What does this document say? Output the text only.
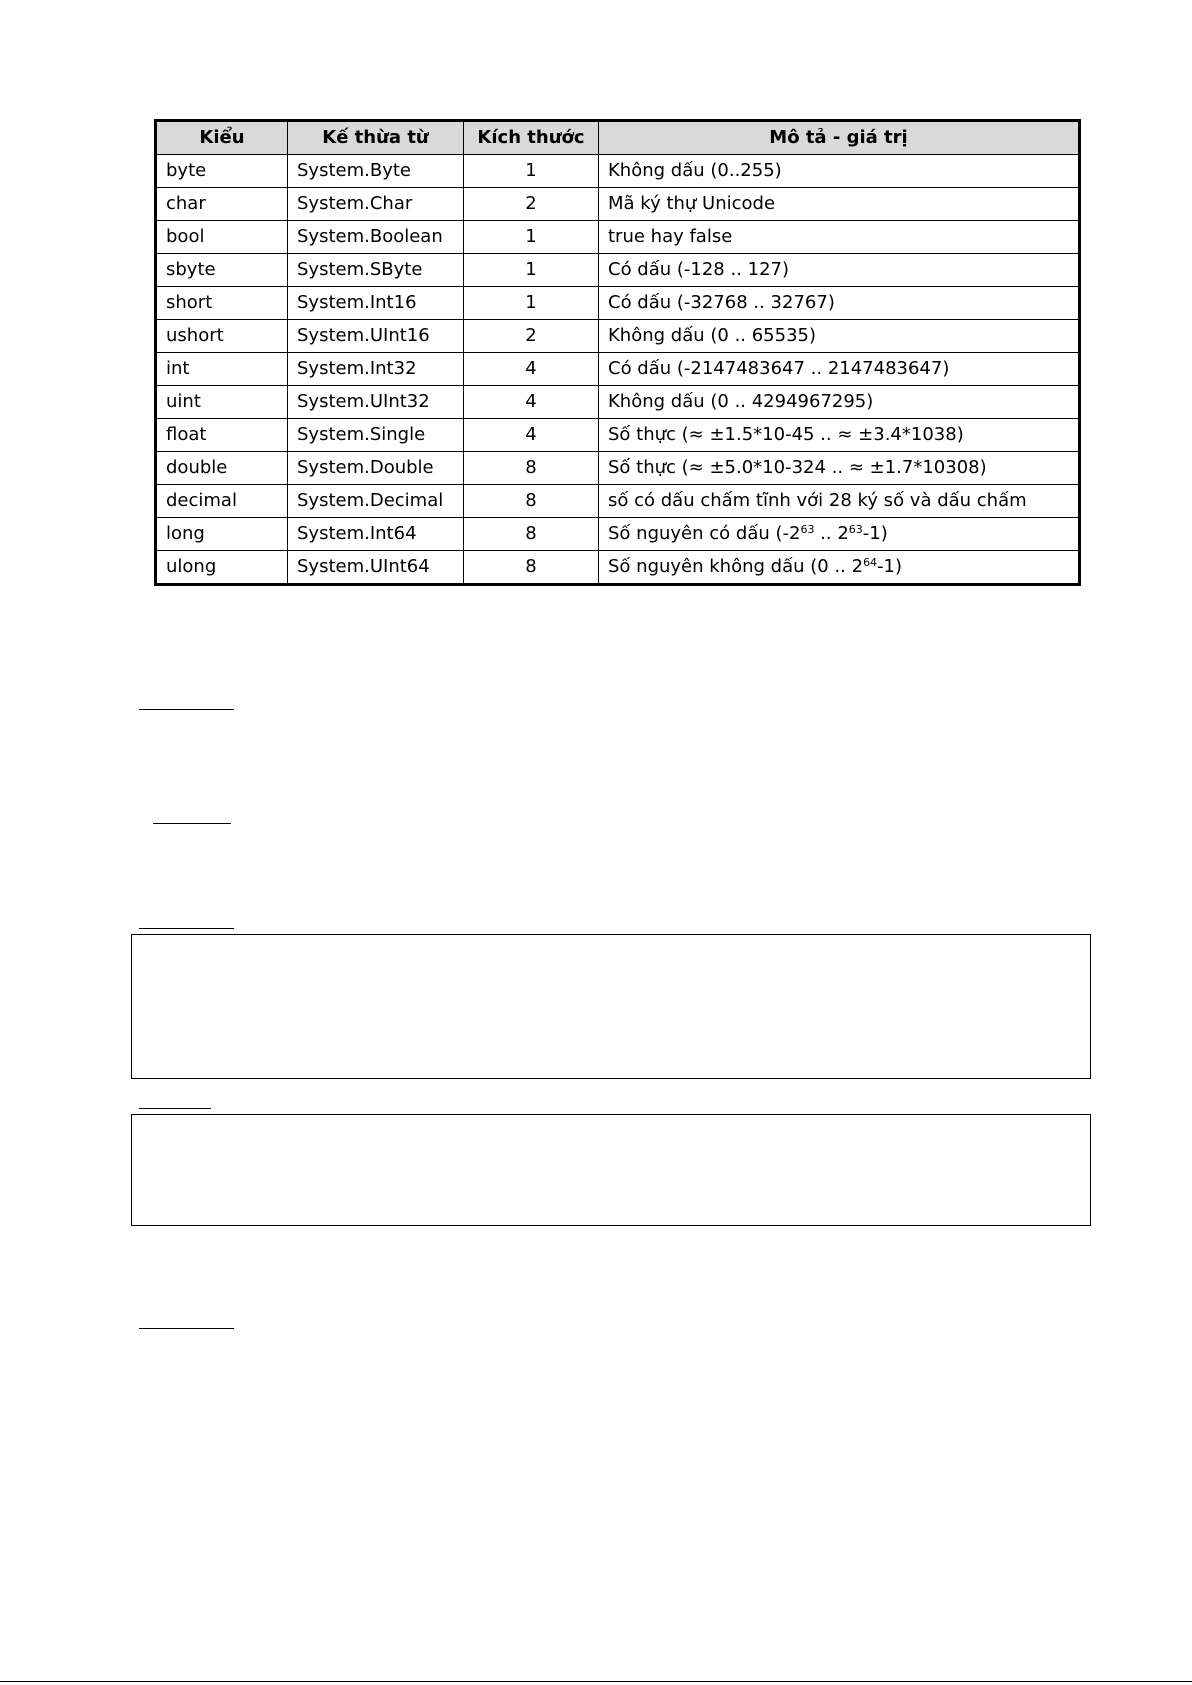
Kiểu	Kế thừa từ	Kích thước	Mô tả - giá trị
byte	System.Byte	1	Không dấu (0..255)
char	System.Char	2	Mã ký thự Unicode
bool	System.Boolean	1	true hay false
sbyte	System.SByte	1	Có dấu (-128 .. 127)
short	System.Int16	1	Có dấu (-32768 .. 32767)
ushort	System.UInt16	2	Không dấu (0 .. 65535)
int	System.Int32	4	Có dấu (-2147483647 .. 2147483647)
uint	System.UInt32	4	Không dấu (0 .. 4294967295)
float	System.Single	4	Số thực (≈ ±1.5*10-45 .. ≈ ±3.4*1038)
double	System.Double	8	Số thực (≈ ±5.0*10-324 .. ≈ ±1.7*10308)
decimal	System.Decimal	8	số có dấu chấm tĩnh với 28 ký số và dấu chấm
long	System.Int64	8	Số nguyên có dấu ($-2^{63}$ .. $2^{63}-1$)
ulong	System.UInt64	8	Số nguyên không dấu (0 .. $2^{64}-1$)
